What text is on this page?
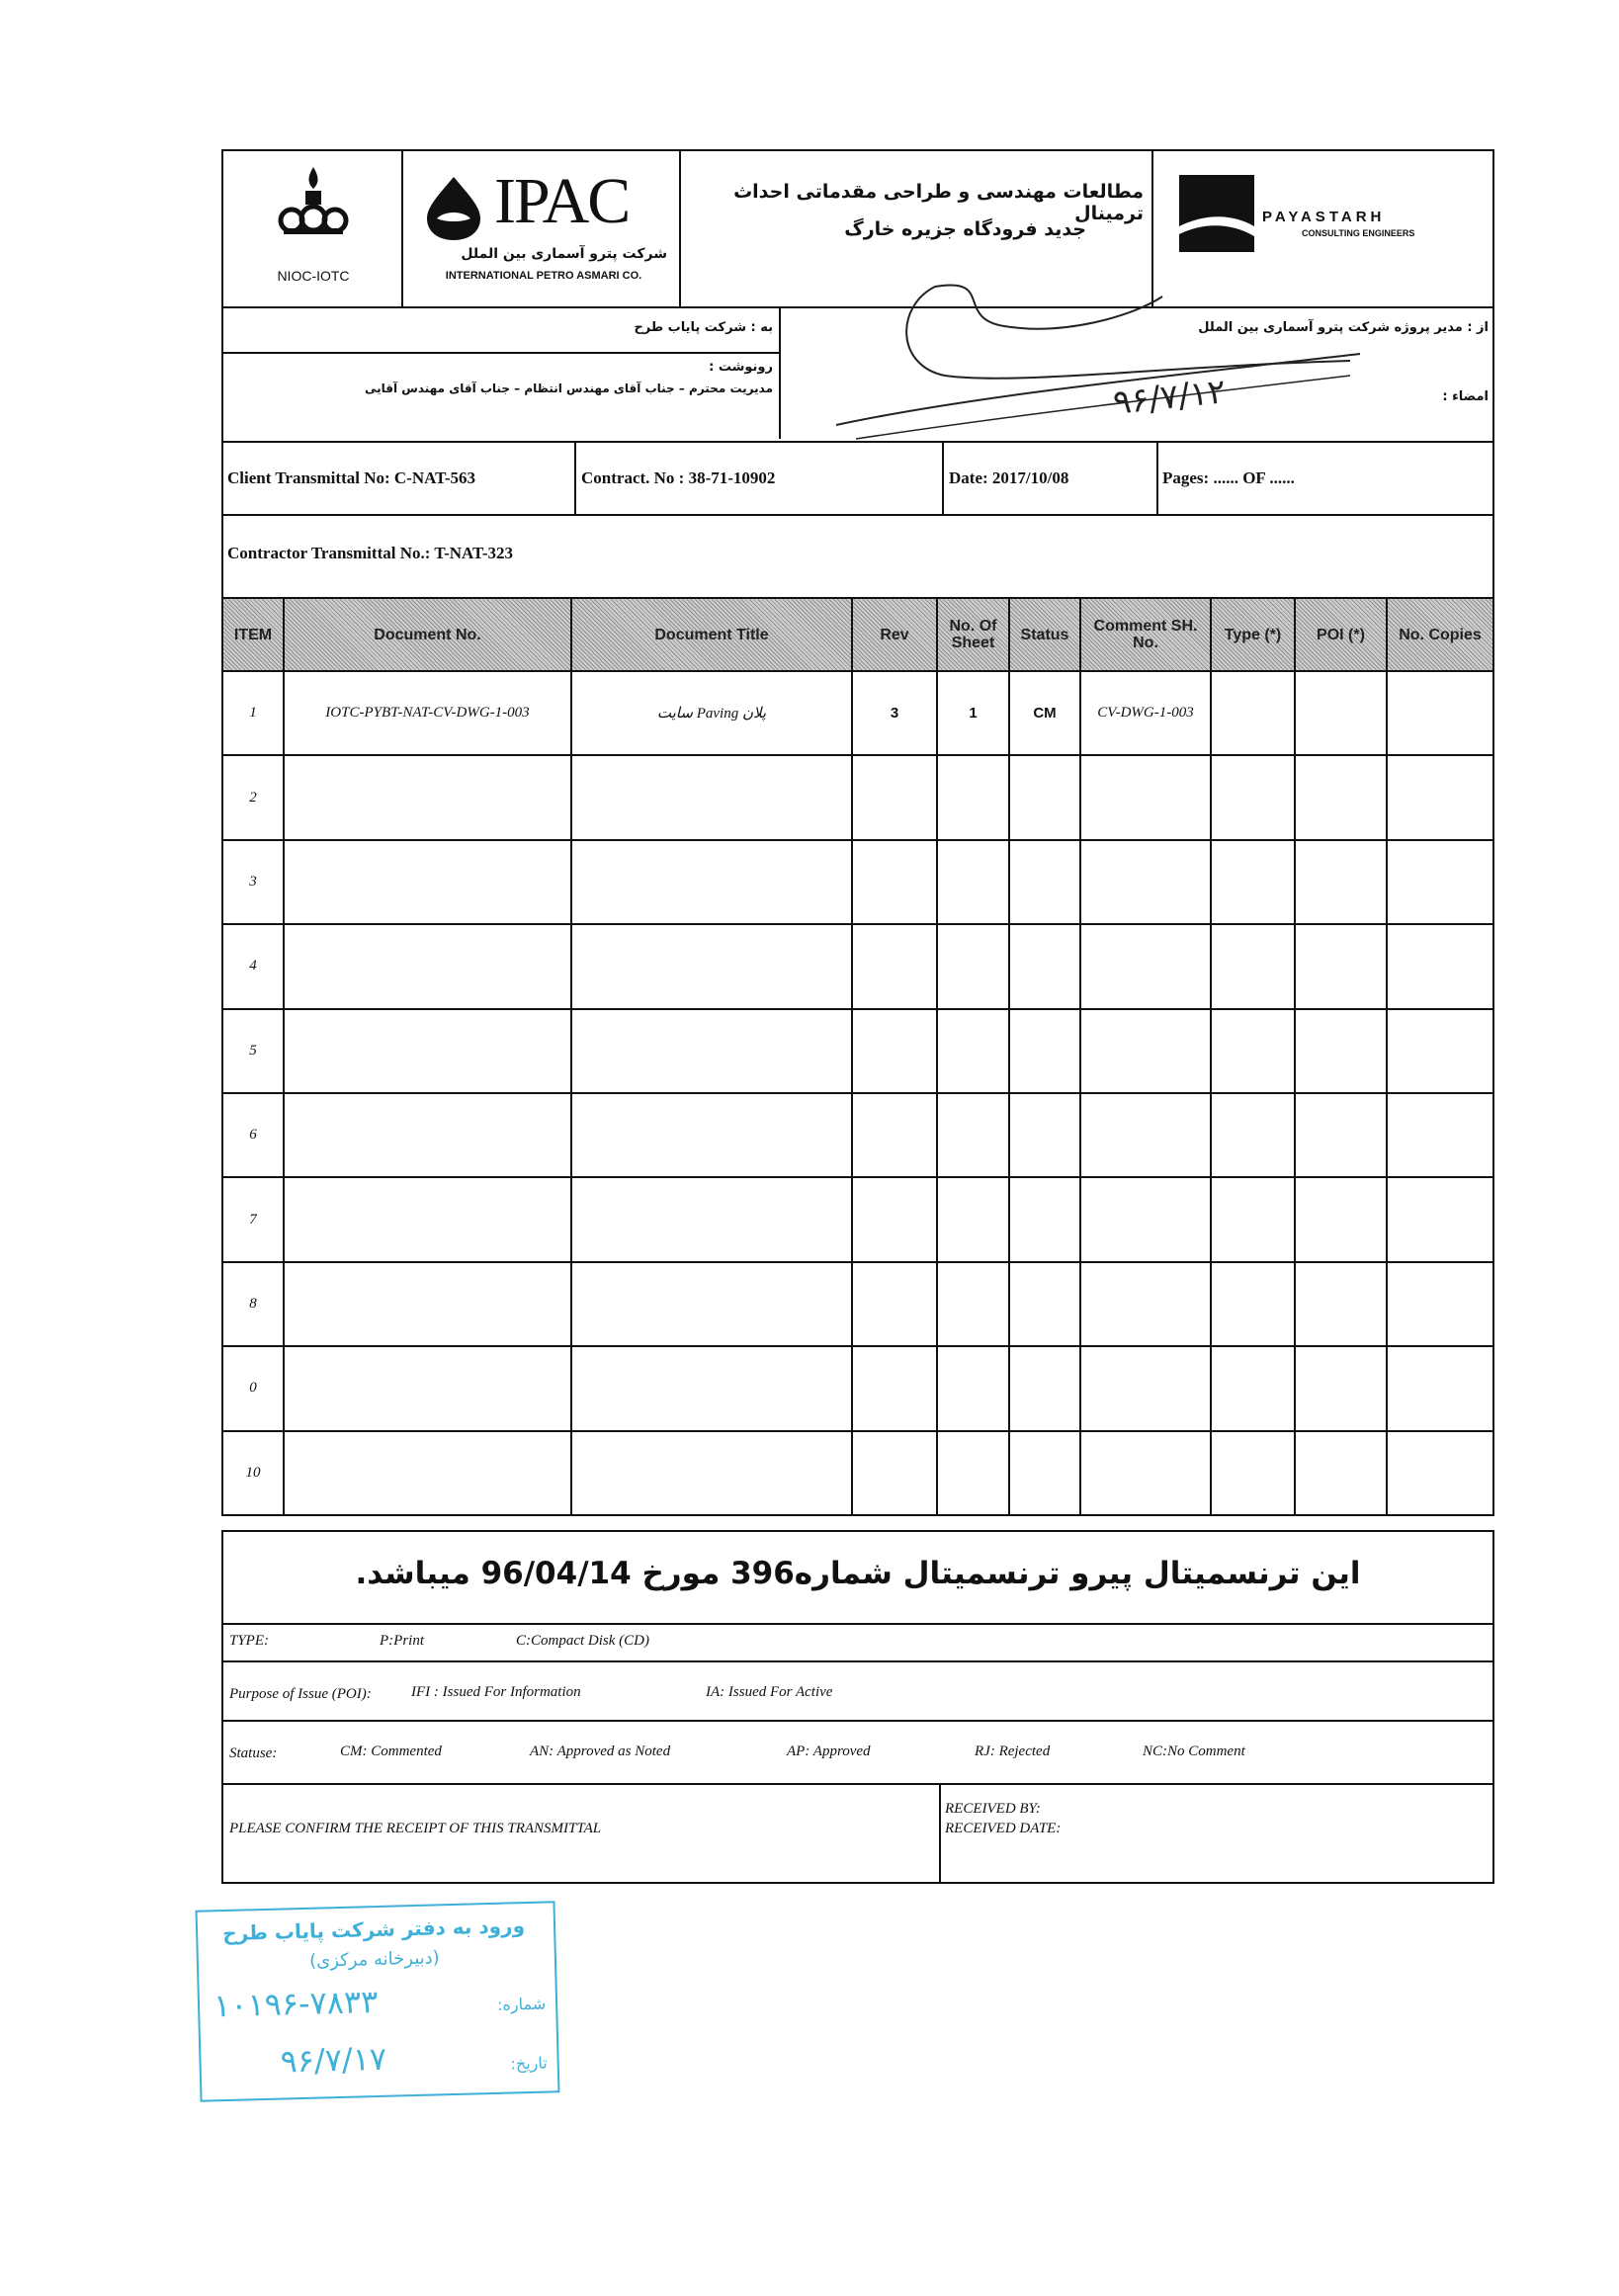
NIOC-IOTC
IPAC
شرکت پترو آسماری بین الملل
INTERNATIONAL PETRO ASMARI CO.
مطالعات مهندسی و طراحی مقدماتی احداث ترمینال
جدید فرودگاه جزیره خارگ
PAYASTARH
CONSULTING ENGINEERS
به : شرکت پایاب طرح
رونوشت :
مدیریت محترم – جناب آقای مهندس انتظام – جناب آقای مهندس آقایی
از : مدیر پروژه شرکت پترو آسماری بین الملل
امضاء :
۹۶/۷/۱۲
Client Transmittal No: C-NAT-563	Contract. No : 38-71-10902	Date: 2017/10/08	Pages: ...... OF ......
Contractor Transmittal No.: T-NAT-323
ITEM	Document No.	Document Title	Rev	No. Of Sheet	Status	Comment SH. No.	Type (*)	POI (*)	No. Copies
1	IOTC-PYBT-NAT-CV-DWG-1-003	پلان Paving سایت	3	1	CM	CV-DWG-1-003
2
3
4
5
6
7
8
0
10
این ترنسمیتال پیرو ترنسمیتال شماره396 مورخ 96/04/14 میباشد.
TYPE:	P:Print	C:Compact Disk (CD)
Purpose of Issue (POI):	IFI : Issued For Information	IA: Issued For Active
Statuse:	CM: Commented	AN: Approved as Noted	AP: Approved	RJ: Rejected	NC:No Comment
PLEASE CONFIRM THE RECEIPT OF THIS TRANSMITTAL
RECEIVED BY:
RECEIVED DATE:
ورود به دفتر شرکت پایاب طرح
(دبیرخانه مرکزی)
شماره:
۱۰۱۹۶-۷۸۳۳
تاریخ:
۹۶/۷/۱۷
